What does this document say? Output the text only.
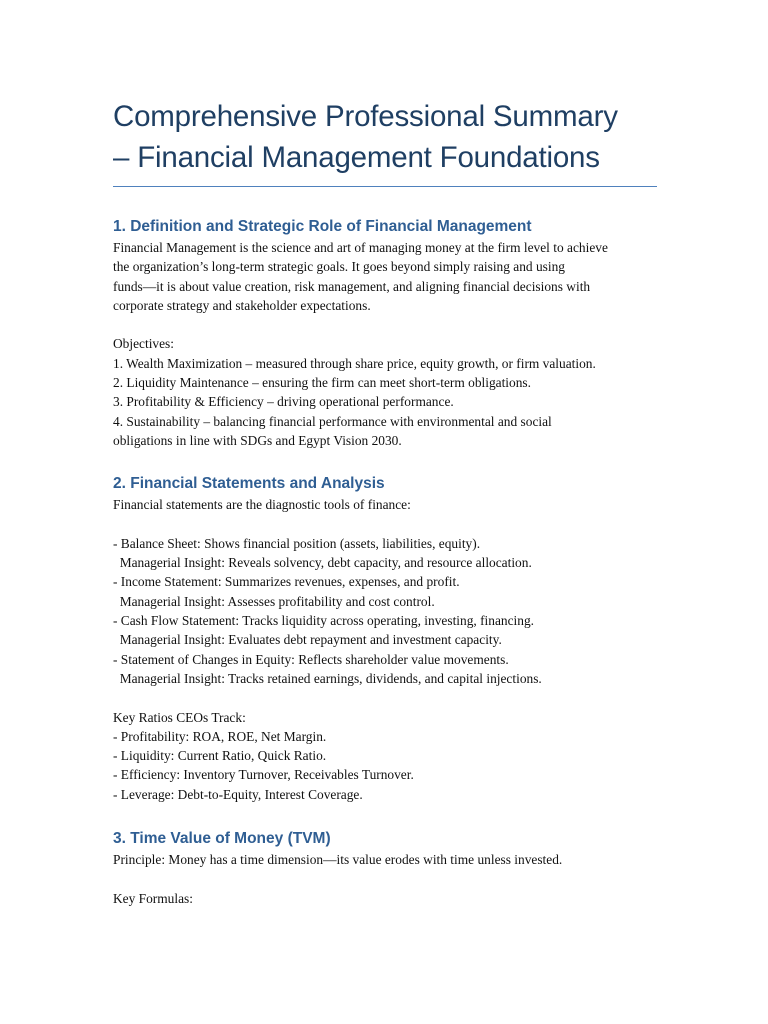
Comprehensive Professional Summary
– Financial Management Foundations
1. Definition and Strategic Role of Financial Management

Financial Management is the science and art of managing money at the firm level to achieve

the organization’s long-term strategic goals. It goes beyond simply raising and using

funds—it is about value creation, risk management, and aligning financial decisions with

corporate strategy and stakeholder expectations.

Objectives:

1. Wealth Maximization – measured through share price, equity growth, or firm valuation.

2. Liquidity Maintenance – ensuring the firm can meet short-term obligations.

3. Profitability & Efficiency – driving operational performance.

4. Sustainability – balancing financial performance with environmental and social

obligations in line with SDGs and Egypt Vision 2030.

2. Financial Statements and Analysis

Financial statements are the diagnostic tools of finance:

- Balance Sheet: Shows financial position (assets, liabilities, equity).

Managerial Insight: Reveals solvency, debt capacity, and resource allocation.

- Income Statement: Summarizes revenues, expenses, and profit.

Managerial Insight: Assesses profitability and cost control.

- Cash Flow Statement: Tracks liquidity across operating, investing, financing.

Managerial Insight: Evaluates debt repayment and investment capacity.

- Statement of Changes in Equity: Reflects shareholder value movements.

Managerial Insight: Tracks retained earnings, dividends, and capital injections.

Key Ratios CEOs Track:

- Profitability: ROA, ROE, Net Margin.

- Liquidity: Current Ratio, Quick Ratio.

- Efficiency: Inventory Turnover, Receivables Turnover.

- Leverage: Debt-to-Equity, Interest Coverage.

3. Time Value of Money (TVM)

Principle: Money has a time dimension—its value erodes with time unless invested.

Key Formulas:
